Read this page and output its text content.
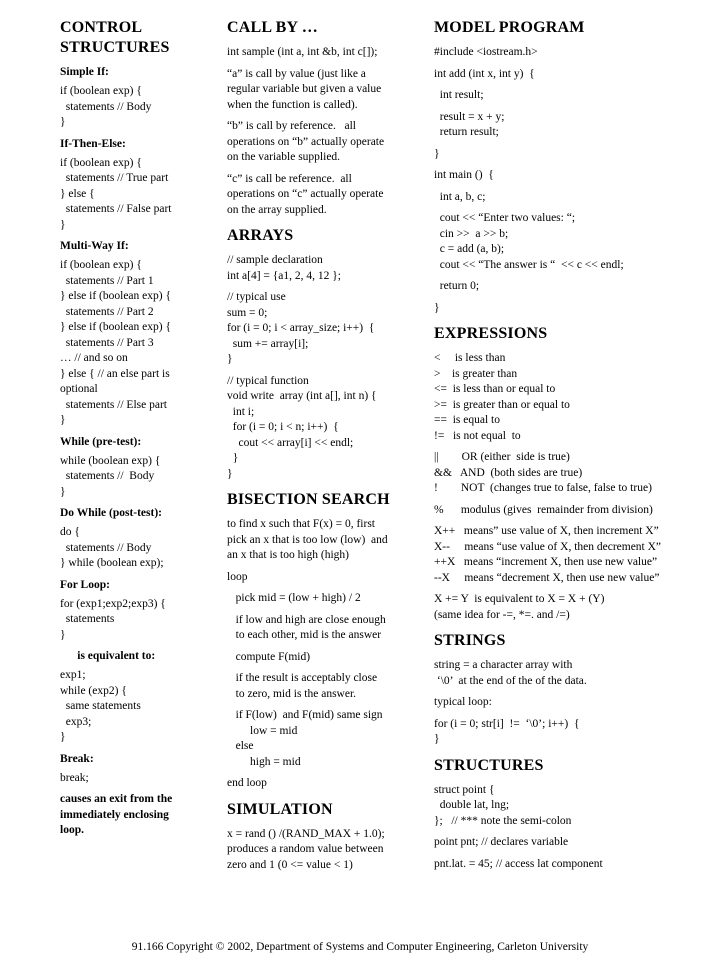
CONTROL
STRUCTURES
Simple If:
if (boolean exp) {
statements // Body
}
If-Then-Else:
if (boolean exp) {
statements // True part
} else {
statements // False part
}
Multi-Way If:
if (boolean exp) {
statements // Part 1
} else if (boolean exp) {
statements // Part 2
} else if (boolean exp) {
statements // Part 3
… // and so on
} else { // an else part is
optional
statements // Else part
}
While (pre-test):
while (boolean exp) {
statements //  Body
}
Do While (post-test):
do {
statements // Body
} while (boolean exp);
For Loop:
for (exp1;exp2;exp3) {
statements
}
is equivalent to:
exp1;
while (exp2) {
same statements
exp3;
}
Break:
break;
causes an exit from the
immediately enclosing
loop.
CALL BY …
int sample (int a, int &b, int c[]);
“a” is call by value (just like a
regular variable but given a value
when the function is called).
“b” is call by reference.   all
operations on “b” actually operate
on the variable supplied.
“c” is call be reference.  all
operations on “c” actually operate
on the array supplied.
ARRAYS
// sample declaration
int a[4] = {a1, 2, 4, 12 };
// typical use
sum = 0;
for (i = 0; i < array_size; i++)  {
sum += array[i];
}
// typical function
void write  array (int a[], int n) {
int i;
for (i = 0; i < n; i++)  {
cout << array[i] << endl;
}
}
BISECTION SEARCH
to find x such that F(x) = 0, first
pick an x that is too low (low)  and
an x that is too high (high)
loop
pick mid = (low + high) / 2
if low and high are close enough
to each other, mid is the answer
compute F(mid)
if the result is acceptably close
to zero, mid is the answer.
if F(low)  and F(mid) same sign
low = mid
else
high = mid
end loop
SIMULATION
x = rand () /(RAND_MAX + 1.0);
produces a random value between
zero and 1 (0 <= value < 1)
MODEL PROGRAM
#include <iostream.h>
int add (int x, int y)  {
int result;
result = x + y;
return result;
}
int main ()  {
int a, b, c;
cout << “Enter two values: “;
cin >>  a >> b;
c = add (a, b);
cout << “The answer is “  << c << endl;
return 0;
}
EXPRESSIONS
<     is less than
>    is greater than
<=  is less than or equal to
>=  is greater than or equal to
==  is equal to
!=   is not equal  to
||        OR (either  side is true)
&&   AND  (both sides are true)
!        NOT  (changes true to false, false to true)
%      modulus (gives  remainder from division)
X++   means” use value of X, then increment X”
X--     means “use value of X, then decrement X”
++X   means “increment X, then use new value”
--X     means “decrement X, then use new value”
X += Y  is equivalent to X = X + (Y)
(same idea for -=, *=. and /=)
STRINGS
string = a character array with
‘\0’  at the end of the of the data.
typical loop:
for (i = 0; str[i]  !=  ‘\0’; i++)  {
}
STRUCTURES
struct point {
double lat, lng;
};   // *** note the semi-colon
point pnt; // declares variable
pnt.lat. = 45; // access lat component
91.166 Copyright © 2002, Department of Systems and Computer Engineering, Carleton University
